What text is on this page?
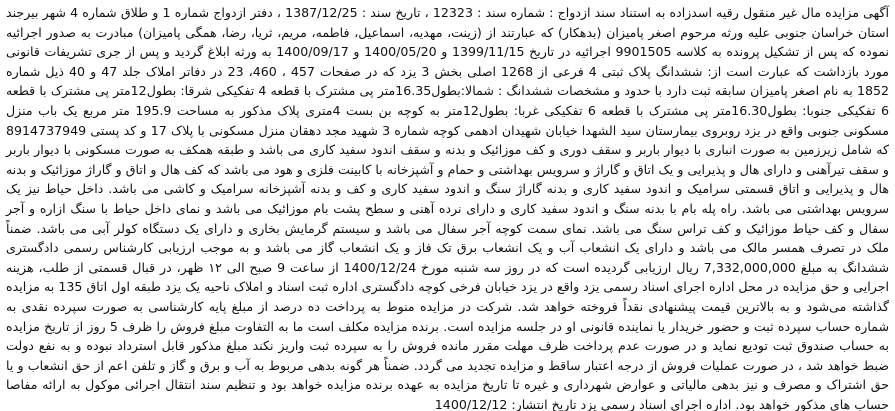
آگهی مزایده مال غیر منقول رقیه اسدزاده به استناد سند ازدواج : شماره سند : 12323 ، تاریخ سند : 1387/12/25 ، دفتر ازدواج شماره 1 و طلاق شماره 4 شهر بیرجند استان خراسان جنوبی علیه ورثه مرحوم اصغر پامیزان (بدهکار) که عبارتند از (زینت، مهدیه، اسماعیل، فاطمه، مریم، ثریا، رضا، همگی پامیزان) مبادرت به صدور اجرائیه نموده که پس از تشکیل پرونده به کلاسه 9901505 اجرائیه در تاریخ 1399/11/15 و 1400/05/20 و 1400/09/17 به ورثه ابلاغ گردید و پس از جری تشریفات قانونی مورد بازداشت که عبارت است از: ششدانگ پلاک ثبتی 4 فرعی از 1268 اصلی بخش 3 یزد که در صفحات 457 ، 460، 23 در دفاتر املاک جلد 47 و 40 ذیل شماره 1852 به نام اصغر پامیزان سابقه ثبت دارد با حدود و مشخصات ششدانگ : شمالا:بطول16.35متر پی مشترک با قطعه 4 تفکیکی شرقا: بطول12متر پی مشترک با قطعه 6 تفکیکی جنوبا: بطول16.30متر پی مشترک با قطعه 6 تفکیکی غربا: بطول12متر به کوچه بن بست 4متری پلاک مذکور به مساحت 195.9 متر مربع یک باب منزل مسکونی جنوبی واقع در یزد روبروی بیمارستان سید الشهدا خیابان شهیدان ادهمی کوچه شماره 3 شهید مجد دهقان منزل مسکونی با پلاک 17 و کد پستی 8914737949 که شامل زیرزمین به صورت انباری با دیوار باربر و سقف دوری و کف موزائیک و بدنه و سقف اندود سفید کاری می باشد و طبقه همکف به صورت مسکونی با دیوار باربر و سقف تیرآهنی و دارای هال و پذیرایی و یک اتاق و گاراژ و سرویس بهداشتی و حمام و آشپزخانه با کابینت فلزی و هود می باشد که کف هال و اتاق و گاراژ موزائیک و بدنه هال و پذیرایی و اتاق قسمتی سرامیک و اندود سفید کاری و بدنه گاراژ سنگ و اندود سفید کاری و کف و بدنه آشپزخانه سرامیک و کاشی می باشد. داخل حیاط نیز یک سرویس بهداشتی می باشد. راه پله بام با بدنه سنگ و اندود سفید کاری و دارای نرده آهنی و سطح پشت بام موزائیک می باشد و نمای داخل حیاط با سنگ ازاره و آجر سفال و کف حیاط موزائیک و کف تراس سنگ می باشد. نمای سمت کوچه آجر سفال می باشد و سیستم گرمایش بخاری و دارای یک دستگاه کولر آبی می باشد. ضمناً ملک در تصرف همسر مالک می باشد و دارای یک انشعاب آب و یک انشعاب برق تک فاز و یک انشعاب گاز می باشد و به موجب ارزیابی کارشناس رسمی دادگستری ششدانگ به مبلغ 7,332,000,000 ریال ارزیابی گردیده است که در روز سه شنبه مورخ 1400/12/24 از ساعت 9 صبح الی ۱۲ ظهر، در قبال قسمتی از طلب، هزینه اجرایی و حق مزایده در محل اداره اجرای اسناد رسمی یزد واقع در یزد خیابان فرخی کوچه دادگستری اداره ثبت اسناد و املاک ناحیه یک یزد طبقه اول اتاق 135 به مزایده گذاشته می‌شود و به بالاترین قیمت پیشنهادی نقداً فروخته خواهد شد. شرکت در مزایده منوط به پرداخت ده درصد از مبلغ پایه کارشناسی به صورت سپرده نقدی به شماره حساب سپرده ثبت و حضور خریدار یا نماینده قانونی او در جلسه مزایده است. برنده مزایده مکلف است ما به التفاوت مبلغ فروش را ظرف 5 روز از تاریخ مزایده به حساب صندوق ثبت تودیع نماید و در صورت عدم پرداخت ظرف مهلت مقرر مانده فروش را به سپرده ثبت واریز نکند مبلغ مذکور قابل استرداد نبوده و به نفع دولت ضبط خواهد شد ، در صورت عملیات فروش از درجه اعتبار ساقط و مزایده تجدید می گردد. ضمناً هر گونه بدهی مربوط به آب و برق و گاز و تلفن اعم از حق انشعاب و یا حق اشتراک و مصرف و نیز بدهی مالیاتی و عوارض شهرداری و غیره تا تاریخ مزایده به عهده برنده مزایده خواهد بود و تنظیم سند انتقال اجرائی موکول به ارائه مفاصا حساب های مذکور خواهد بود. اداره اجرای اسناد رسمی یزد تاریخ انتشار: 1400/12/12
